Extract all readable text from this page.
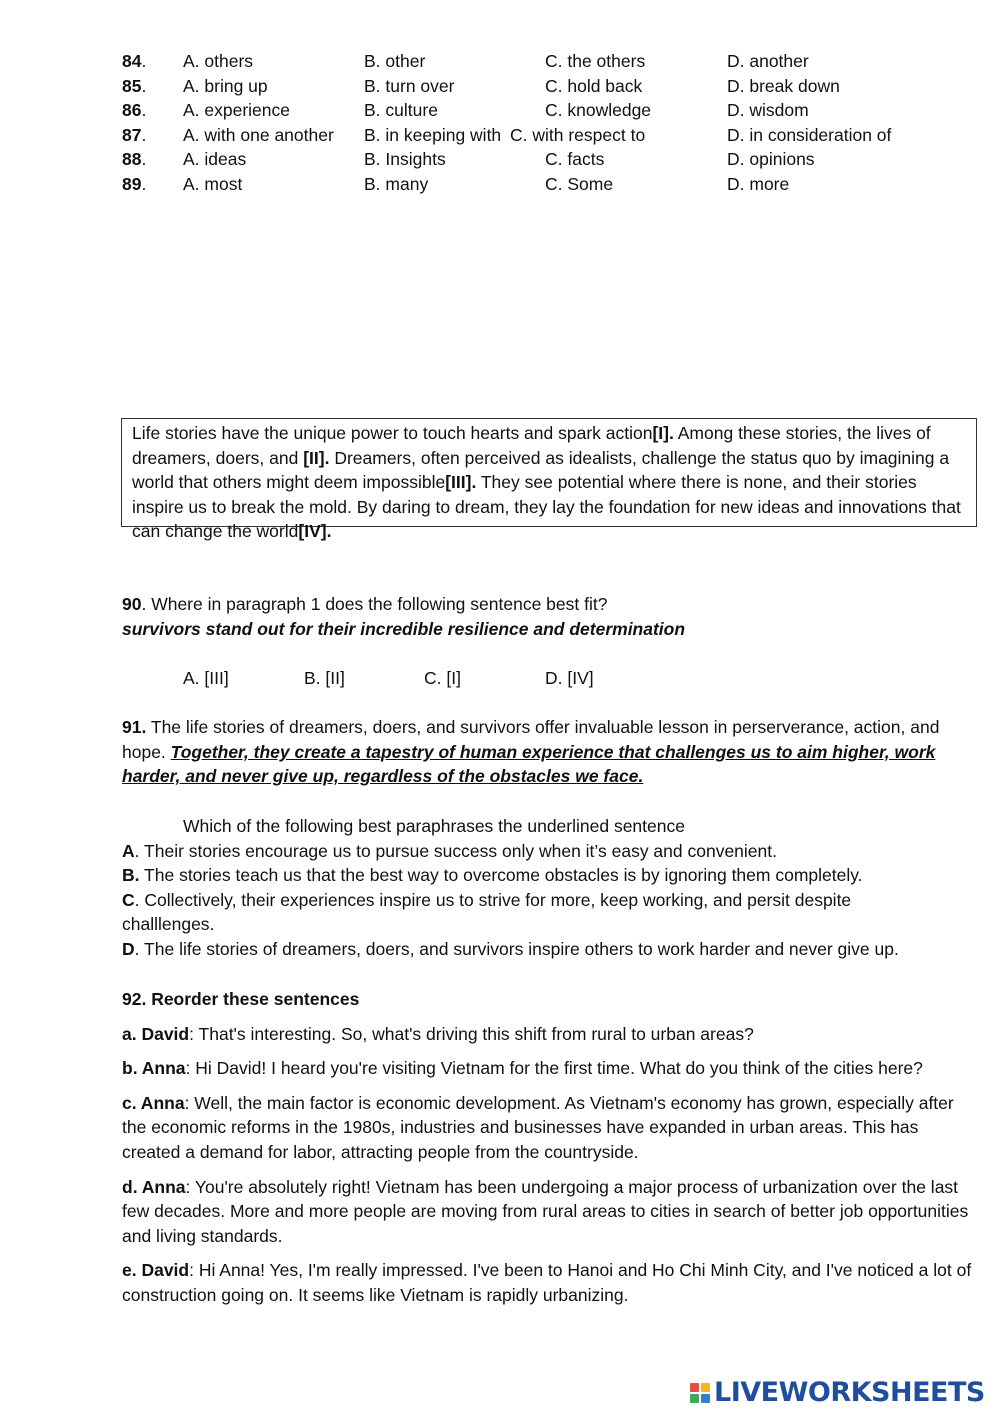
84 . A. others	B. other	C. the others	D. another
85 . A. bring up	B. turn over	C. hold back	D. break down
86 . A. experience	B. culture	C. knowledge	D. wisdom
87 . A. with one another B. in keeping with C. with respect to	D. in consideration of
88 . A. ideas	B. Insights	C. facts	D. opinions
89 . A. most	B. many	C. Some	D. more
Life stories have the unique power to touch hearts and spark action[I]. Among these stories, the lives of dreamers, doers, and [II]. Dreamers, often perceived as idealists, challenge the status quo by imagining a world that others might deem impossible[III]. They see potential where there is none, and their stories inspire us to break the mold. By daring to dream, they lay the foundation for new ideas and innovations that can change the world[IV].
90. Where in paragraph 1 does the following sentence best fit?
survivors stand out for their incredible resilience and determination
A. [III]	B. [II]	C. [I]	D. [IV]
91. The life stories of dreamers, doers, and survivors offer invaluable lesson in perserverance, action, and hope. Together, they create a tapestry of human experience that challenges us to aim higher, work harder, and never give up, regardless of the obstacles we face.
Which of the following best paraphrases the underlined sentence
A. Their stories encourage us to pursue success only when it’s easy and convenient.
B. The stories teach us that the best way to overcome obstacles is by ignoring them completely.
C. Collectively, their experiences inspire us to strive for more, keep working, and persit despite challlenges.
D. The life stories of dreamers, doers, and survivors inspire others to work harder and never give up.
92. Reorder these sentences
a. David: That's interesting. So, what's driving this shift from rural to urban areas?
b. Anna: Hi David! I heard you're visiting Vietnam for the first time. What do you think of the cities here?
c. Anna: Well, the main factor is economic development. As Vietnam's economy has grown, especially after the economic reforms in the 1980s, industries and businesses have expanded in urban areas. This has created a demand for labor, attracting people from the countryside.
d. Anna: You're absolutely right! Vietnam has been undergoing a major process of urbanization over the last few decades. More and more people are moving from rural areas to cities in search of better job opportunities and living standards.
e. David: Hi Anna! Yes, I'm really impressed. I've been to Hanoi and Ho Chi Minh City, and I've noticed a lot of construction going on. It seems like Vietnam is rapidly urbanizing.
LIVEWORKSHEETS
